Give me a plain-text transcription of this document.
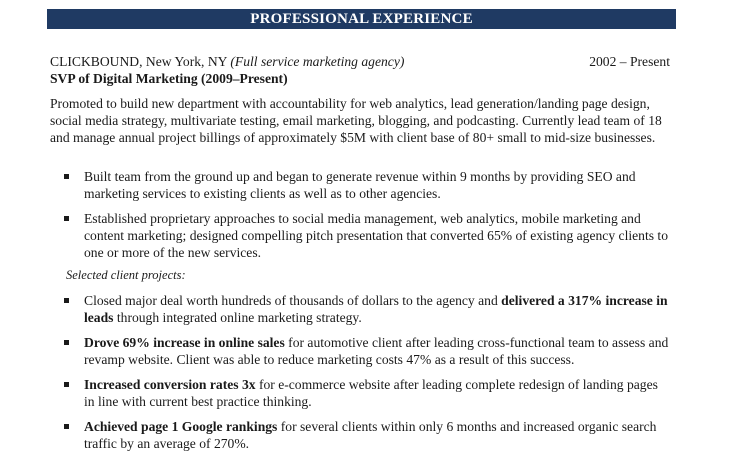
PROFESSIONAL EXPERIENCE
CLICKBOUND, New York, NY (Full service marketing agency)	2002 – Present
SVP of Digital Marketing (2009–Present)
Promoted to build new department with accountability for web analytics, lead generation/landing page design, social media strategy, multivariate testing, email marketing, blogging, and podcasting. Currently lead team of 18 and manage annual project billings of approximately $5M with client base of 80+ small to mid-size businesses.
Built team from the ground up and began to generate revenue within 9 months by providing SEO and marketing services to existing clients as well as to other agencies.
Established proprietary approaches to social media management, web analytics, mobile marketing and content marketing; designed compelling pitch presentation that converted 65% of existing agency clients to one or more of the new services.
Selected client projects:
Closed major deal worth hundreds of thousands of dollars to the agency and delivered a 317% increase in leads through integrated online marketing strategy.
Drove 69% increase in online sales for automotive client after leading cross-functional team to assess and revamp website. Client was able to reduce marketing costs 47% as a result of this success.
Increased conversion rates 3x for e-commerce website after leading complete redesign of landing pages in line with current best practice thinking.
Achieved page 1 Google rankings for several clients within only 6 months and increased organic search traffic by an average of 270%.
